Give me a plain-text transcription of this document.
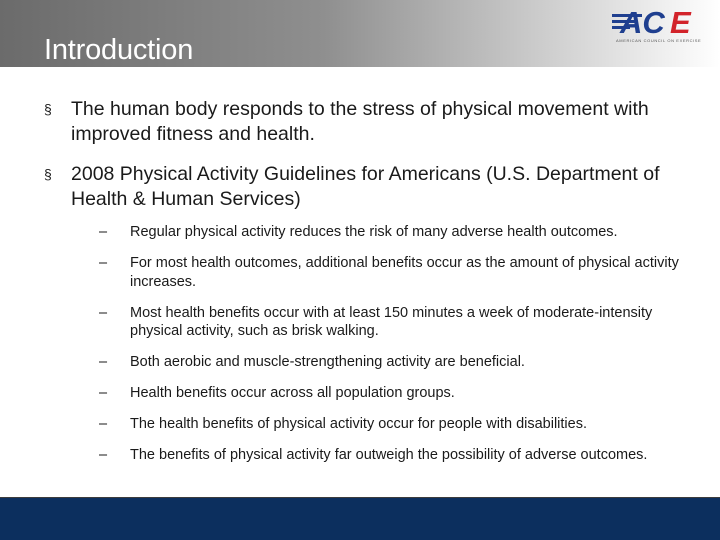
Introduction
AC E
AMERICAN COUNCIL ON EXERCISE
§ The human body responds to the stress of physical movement with improved fitness and health.
§ 2008 Physical Activity Guidelines for Americans (U.S. Department of Health & Human Services)
– Regular physical activity reduces the risk of many adverse health outcomes.
– For most health outcomes, additional benefits occur as the amount of physical activity increases.
– Most health benefits occur with at least 150 minutes a week of moderate-intensity physical activity, such as brisk walking.
– Both aerobic and muscle-strengthening activity are beneficial.
– Health benefits occur across all population groups.
– The health benefits of physical activity occur for people with disabilities.
– The benefits of physical activity far outweigh the possibility of adverse outcomes.
